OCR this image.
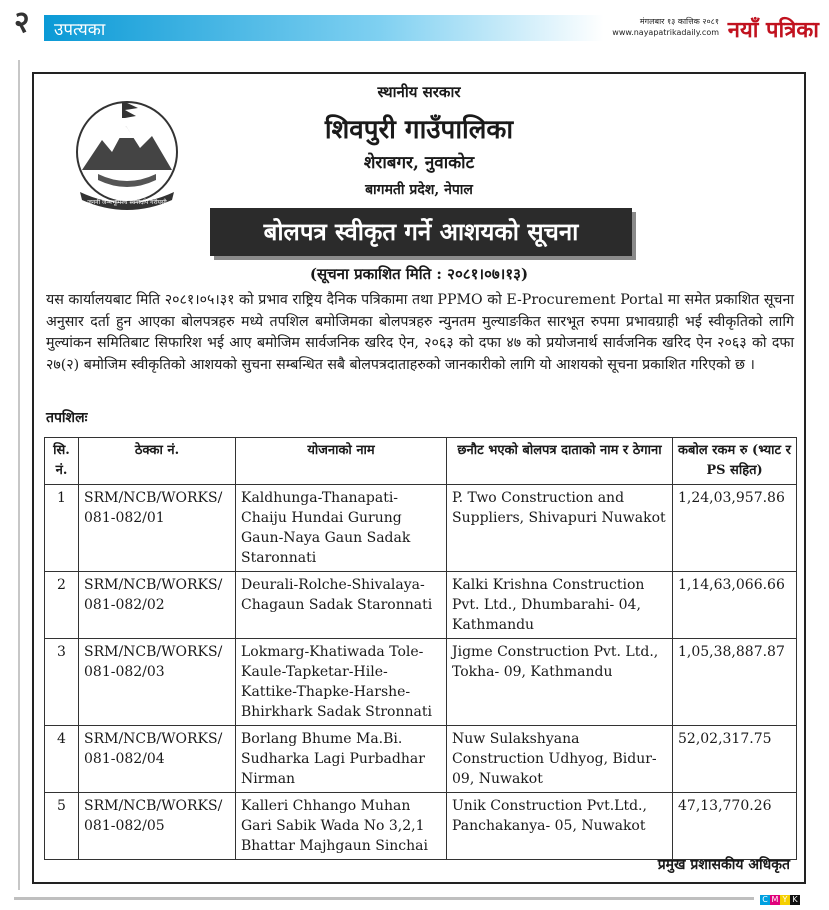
२ उपत्यका	मंगलबार १३ कात्तिक २०८१
www.nayapatrikadaily.com नयाँ पत्रिका
जननी जन्मभूमिश्च स्वर्गादपि गरीयसी
स्थानीय सरकार
शिवपुरी गाउँपालिका
शेराबगर, नुवाकोट
बागमती प्रदेश, नेपाल
बोलपत्र स्वीकृत गर्ने आशयको सूचना
(सूचना प्रकाशित मिति : २०८१।०७।१३)

यस कार्यालयबाट मिति २०८१।०५।३१ को प्रभाव राष्ट्रिय दैनिक पत्रिकामा तथा PPMO को E-Procurement Portal मा समेत प्रकाशित सूचना अनुसार दर्ता हुन आएका बोलपत्रहरु मध्ये तपशिल बमोजिमका बोलपत्रहरु न्युनतम मुल्याङकित सारभूत रुपमा प्रभावग्राही भई स्वीकृतिको लागि मुल्यांकन समितिबाट सिफारिश भई आए बमोजिम सार्वजनिक खरिद ऐन, २०६३ को दफा ४७ को प्रयोजनार्थ सार्वजनिक खरिद ऐन २०६३ को दफा २७(२) बमोजिम स्वीकृतिको आशयको सुचना सम्बन्धित सबै बोलपत्रदाताहरुको जानकारीको लागि यो आशयको सूचना प्रकाशित गरिएको छ ।

तपशिलः
सि. नं.	ठेक्का नं.	योजनाको नाम	छनौट भएको बोलपत्र दाताको नाम र ठेगाना	कबोल रकम रु (भ्याट र PS सहित)
1	SRM/NCB/WORKS/ 081-082/01	Kaldhunga-Thanapati-Chaiju Hundai Gurung Gaun-Naya Gaun Sadak Staronnati	P. Two Construction and Suppliers, Shivapuri Nuwakot	1,24,03,957.86
2	SRM/NCB/WORKS/ 081-082/02	Deurali-Rolche-Shivalaya-Chagaun Sadak Staronnati	Kalki Krishna Construction Pvt. Ltd., Dhumbarahi- 04, Kathmandu	1,14,63,066.66
3	SRM/NCB/WORKS/ 081-082/03	Lokmarg-Khatiwada Tole-Kaule-Tapketar-Hile-Kattike-Thapke-Harshe-Bhirkhark Sadak Stronnati	Jigme Construction Pvt. Ltd., Tokha- 09, Kathmandu	1,05,38,887.87
4	SRM/NCB/WORKS/ 081-082/04	Borlang Bhume Ma.Bi. Sudharka Lagi Purbadhar Nirman	Nuw Sulakshyana Construction Udhyog, Bidur- 09, Nuwakot	52,02,317.75
5	SRM/NCB/WORKS/ 081-082/05	Kalleri Chhango Muhan Gari Sabik Wada No 3,2,1 Bhattar Majhgaun Sinchai	Unik Construction Pvt.Ltd., Panchakanya- 05, Nuwakot	47,13,770.26
प्रमुख प्रशासकीय अधिकृत
C M Y K
